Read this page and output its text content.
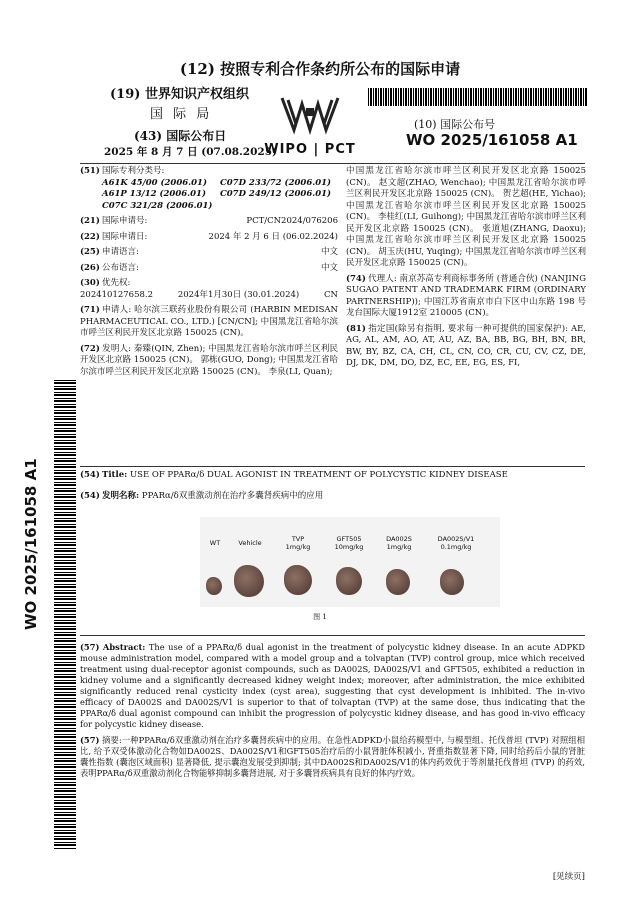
(12) 按照专利合作条约所公布的国际申请
(19) 世界知识产权组织
国 际 局
(43) 国际公布日
2025 年 8 月 7 日 (07.08.2025)
WIPO | PCT
(10) 国际公布号
WO 2025/161058 A1
(51) 国际专利分类号:
A61K 45/00 (2006.01)	C07D 233/72 (2006.01)
A61P 13/12 (2006.01)	C07D 249/12 (2006.01)
C07C 321/28 (2006.01)
(21) 国际申请号:	PCT/CN2024/076206
(22) 国际申请日:	2024 年 2 月 6 日 (06.02.2024)
(25) 申请语言:	中文
(26) 公布语言:	中文
(30) 优先权:
202410127658.2	2024年1月30日 (30.01.2024)	CN
(71) 申请人: 哈尔滨三联药业股份有限公司 (HARBIN MEDISAN PHARMACEUTICAL CO., LTD.) [CN/CN]; 中国黑龙江省哈尔滨市呼兰区利民开发区北京路 150025 (CN)。
(72) 发明人: 秦臻(QIN, Zhen); 中国黑龙江省哈尔滨市呼兰区利民开发区北京路 150025 (CN)。 郭栋(GUO, Dong); 中国黑龙江省哈尔滨市呼兰区利民开发区北京路 150025 (CN)。 李泉(LI, Quan);
中国黑龙江省哈尔滨市呼兰区利民开发区北京路 150025 (CN)。 赵文超(ZHAO, Wenchao); 中国黑龙江省哈尔滨市呼兰区利民开发区北京路 150025 (CN)。 贺艺超(HE, Yichao); 中国黑龙江省哈尔滨市呼兰区利民开发区北京路 150025 (CN)。 李桂红(LI, Guihong); 中国黑龙江省哈尔滨市呼兰区利民开发区北京路 150025 (CN)。 张道旭(ZHANG, Daoxu); 中国黑龙江省哈尔滨市呼兰区利民开发区北京路 150025 (CN)。 胡玉庆(HU, Yuqing); 中国黑龙江省哈尔滨市呼兰区利民开发区北京路 150025 (CN)。
(74) 代理人: 南京苏高专利商标事务所 (普通合伙) (NANJING SUGAO PATENT AND TRADEMARK FIRM (ORDINARY PARTNERSHIP)); 中国江苏省南京市白下区中山东路 198 号龙台国际大厦1912室 210005 (CN)。
(81) 指定国(除另有指明, 要求每一种可提供的国家保护): AE, AG, AL, AM, AO, AT, AU, AZ, BA, BB, BG, BH, BN, BR, BW, BY, BZ, CA, CH, CL, CN, CO, CR, CU, CV, CZ, DE, DJ, DK, DM, DO, DZ, EC, EE, EG, ES, FI,
(54) Title: USE OF PPARα/δ DUAL AGONIST IN TREATMENT OF POLYCYSTIC KIDNEY DISEASE
(54) 发明名称: PPARα/δ双重激动剂在治疗多囊肾疾病中的应用
WT	Vehicle	TVP 1mg/kg
GFT505 10mg/kg
DA002S 1mg/kg
DA002S/V1 0.1mg/kg
图 1
(57) Abstract: The use of a PPARα/δ dual agonist in the treatment of polycystic kidney disease. In an acute ADPKD mouse administration model, compared with a model group and a tolvaptan (TVP) control group, mice which received treatment using dual-receptor agonist compounds, such as DA002S, DA002S/V1 and GFT505, exhibited a reduction in kidney volume and a significantly decreased kidney weight index; moreover, after administration, the mice exhibited significantly reduced renal cysticity index (cyst area), suggesting that cyst development is inhibited. The in-vivo efficacy of DA002S and DA002S/V1 is superior to that of tolvaptan (TVP) at the same dose, thus indicating that the PPARα/δ dual agonist compound can inhibit the progression of polycystic kidney disease, and has good in-vivo efficacy for polycystic kidney disease.
(57) 摘要:一种PPARα/δ双重激动剂在治疗多囊肾疾病中的应用。在急性ADPKD小鼠给药模型中, 与模型组、托伐普坦 (TVP) 对照组相比, 给予双受体激动化合物如DA002S、DA002S/V1和GFT505治疗后的小鼠肾脏体积减小, 肾重指数显著下降, 同时给药后小鼠的肾脏囊性指数 (囊泡区域面积) 显著降低, 提示囊泡发展受到抑制; 其中DA002S和DA002S/V1的体内药效优于等剂量托伐普坦 (TVP) 的药效, 表明PPARα/δ双重激动剂化合物能够抑制多囊肾进展, 对于多囊肾疾病具有良好的体内疗效。
WO 2025/161058 A1
[见续页]
